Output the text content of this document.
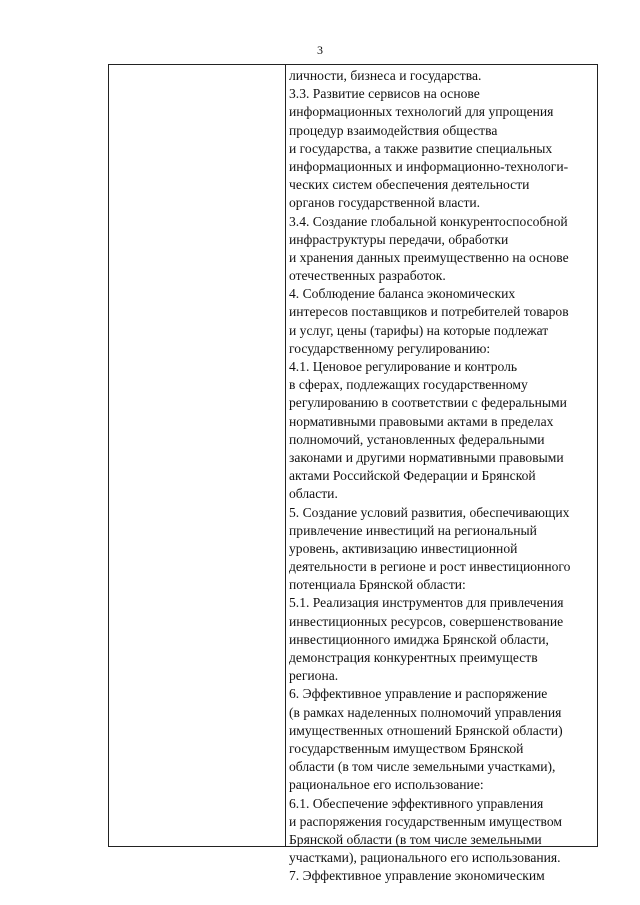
3
личности, бизнеса и государства.
3.3. Развитие сервисов на основе
информационных технологий для упрощения
процедур взаимодействия общества
и государства, а также развитие специальных
информационных и информационно-технологи-
ческих систем обеспечения деятельности
органов государственной власти.
3.4. Создание глобальной конкурентоспособной
инфраструктуры передачи, обработки
и хранения данных преимущественно на основе
отечественных разработок.
4. Соблюдение баланса экономических
интересов поставщиков и потребителей товаров
и услуг, цены (тарифы) на которые подлежат
государственному регулированию:
4.1. Ценовое регулирование и контроль
в сферах, подлежащих государственному
регулированию в соответствии с федеральными
нормативными правовыми актами в пределах
полномочий, установленных федеральными
законами и другими нормативными правовыми
актами Российской Федерации и Брянской
области.
5. Создание условий развития, обеспечивающих
привлечение инвестиций на региональный
уровень, активизацию инвестиционной
деятельности в регионе и рост инвестиционного
потенциала Брянской области:
5.1. Реализация инструментов для привлечения
инвестиционных ресурсов, совершенствование
инвестиционного имиджа Брянской области,
демонстрация конкурентных преимуществ
региона.
6. Эффективное управление и распоряжение
(в рамках наделенных полномочий управления
имущественных отношений Брянской области)
государственным имуществом Брянской
области (в том числе земельными участками),
рациональное его использование:
6.1. Обеспечение эффективного управления
и распоряжения государственным имуществом
Брянской области (в том числе земельными
участками), рационального его использования.
7. Эффективное управление экономическим
